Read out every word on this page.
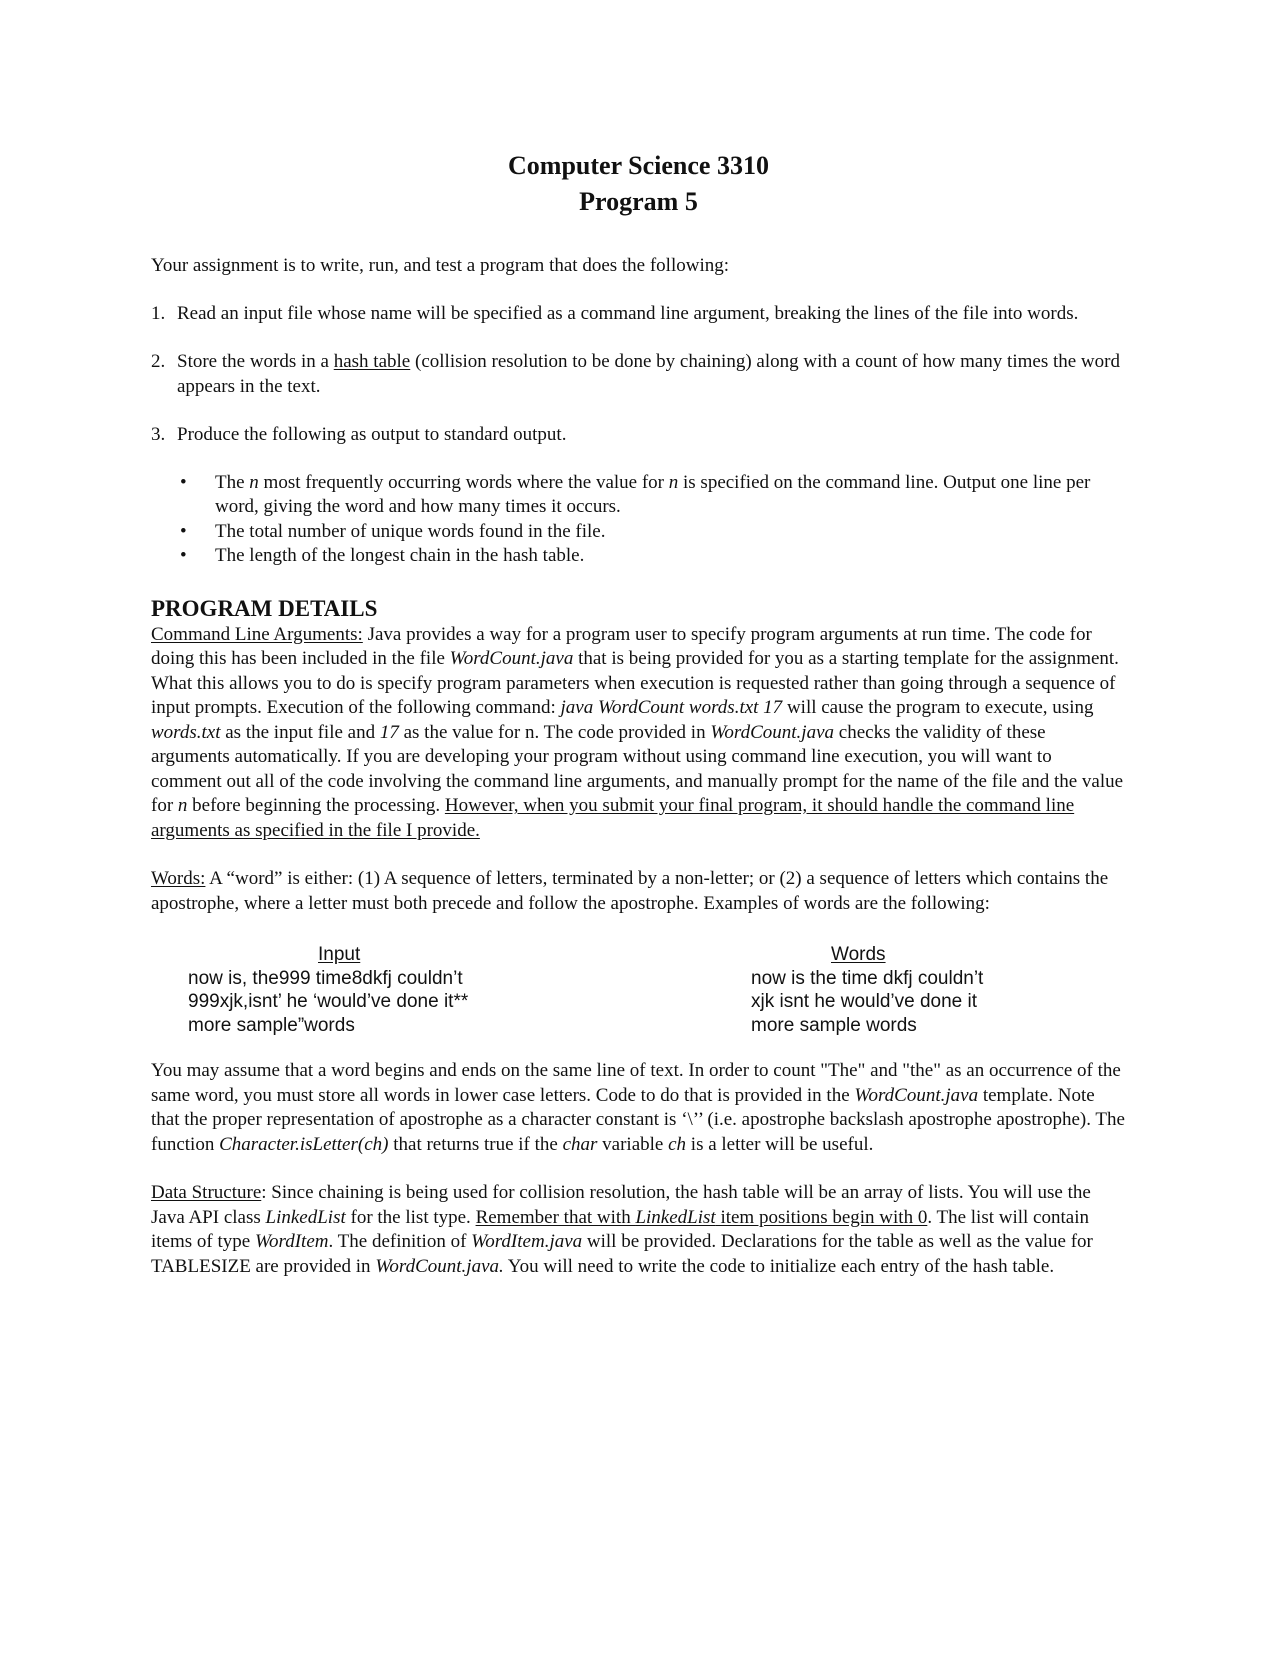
Computer Science 3310
Program 5

Your assignment is to write, run, and test a program that does the following:

1. Read an input file whose name will be specified as a command line argument, breaking the lines of the file into words.
2. Store the words in a hash table (collision resolution to be done by chaining) along with a count of how many times the word appears in the text.
3. Produce the following as output to standard output.
• The n most frequently occurring words where the value for n is specified on the command line. Output one line per word, giving the word and how many times it occurs.
• The total number of unique words found in the file.
• The length of the longest chain in the hash table.
PROGRAM DETAILS

Command Line Arguments: Java provides a way for a program user to specify program arguments at run time. The code for doing this has been included in the file WordCount.java that is being provided for you as a starting template for the assignment. What this allows you to do is specify program parameters when execution is requested rather than going through a sequence of input prompts. Execution of the following command: java WordCount words.txt 17 will cause the program to execute, using words.txt as the input file and 17 as the value for n. The code provided in WordCount.java checks the validity of these arguments automatically. If you are developing your program without using command line execution, you will want to comment out all of the code involving the command line arguments, and manually prompt for the name of the file and the value for n before beginning the processing. However, when you submit your final program, it should handle the command line arguments as specified in the file I provide.

Words: A “word” is either: (1) A sequence of letters, terminated by a non-letter; or (2) a sequence of letters which contains the apostrophe, where a letter must both precede and follow the apostrophe. Examples of words are the following:

Input
now is, the999 time8dkfj couldn’t
999xjk,isnt’ he ‘would’ve done it**
more sample”words
Words
now is the time dkfj couldn’t
xjk isnt he would’ve done it
more sample words

You may assume that a word begins and ends on the same line of text. In order to count "The" and "the" as an occurrence of the same word, you must store all words in lower case letters. Code to do that is provided in the WordCount.java template. Note that the proper representation of apostrophe as a character constant is ‘\’’ (i.e. apostrophe backslash apostrophe apostrophe). The function Character.isLetter(ch) that returns true if the char variable ch is a letter will be useful.

Data Structure: Since chaining is being used for collision resolution, the hash table will be an array of lists. You will use the Java API class LinkedList for the list type. Remember that with LinkedList item positions begin with 0. The list will contain items of type WordItem. The definition of WordItem.java will be provided. Declarations for the table as well as the value for TABLESIZE are provided in WordCount.java. You will need to write the code to initialize each entry of the hash table.
